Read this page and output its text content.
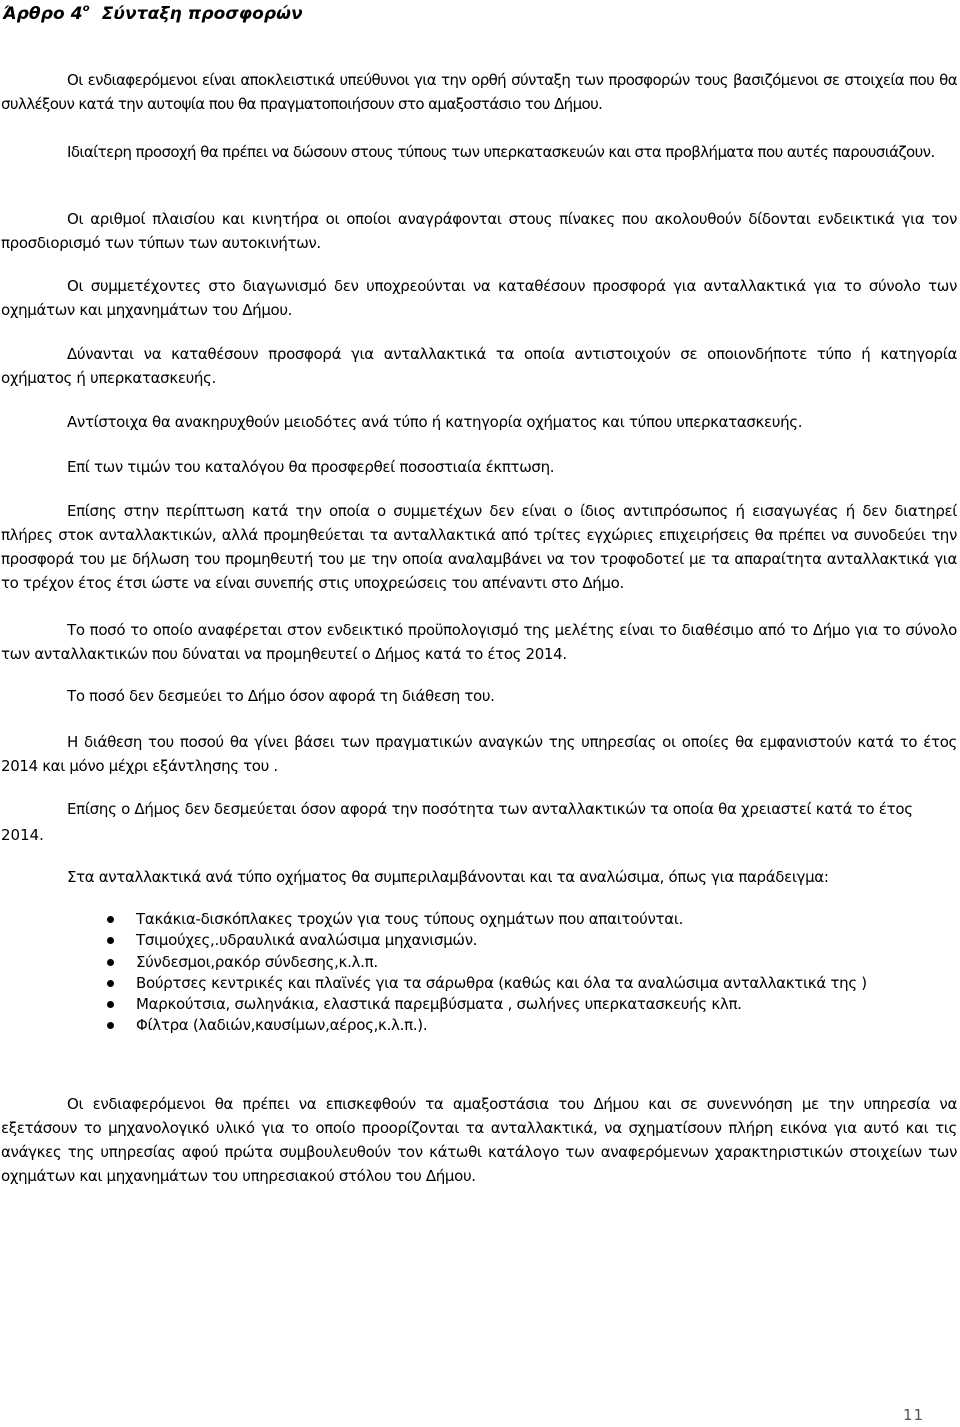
Άρθρο $4^o$  Σύνταξη προσφορών

Οι ενδιαφερόμενοι είναι αποκλειστικά υπεύθυνοι για την ορθή σύνταξη των προσφορών τους βασιζόμενοι σε στοιχεία που θα συλλέξουν κατά την αυτοψία που θα πραγματοποιήσουν στο αμαξοστάσιο του Δήμου.

Ιδιαίτερη προσοχή θα πρέπει να δώσουν στους τύπους των υπερκατασκευών και στα προβλήματα που αυτές παρουσιάζουν.

Οι αριθμοί πλαισίου και κινητήρα οι οποίοι αναγράφονται στους πίνακες που ακολουθούν δίδονται ενδεικτικά για τον προσδιορισμό των τύπων των αυτοκινήτων.

Οι συμμετέχοντες στο διαγωνισμό δεν υποχρεούνται να καταθέσουν προσφορά για ανταλλακτικά για το σύνολο των οχημάτων και μηχανημάτων του Δήμου.

Δύνανται να καταθέσουν προσφορά για ανταλλακτικά τα οποία αντιστοιχούν σε οποιονδήποτε τύπο ή κατηγορία οχήματος ή υπερκατασκευής.

Αντίστοιχα θα ανακηρυχθούν μειοδότες ανά τύπο ή κατηγορία οχήματος και τύπου υπερκατασκευής.

Επί των τιμών του καταλόγου θα προσφερθεί ποσοστιαία έκπτωση.

Επίσης στην περίπτωση κατά την οποία ο συμμετέχων δεν είναι ο ίδιος αντιπρόσωπος ή εισαγωγέας ή δεν διατηρεί πλήρες στοκ ανταλλακτικών, αλλά προμηθεύεται τα ανταλλακτικά από τρίτες εγχώριες επιχειρήσεις θα πρέπει να συνοδεύει την προσφορά του με δήλωση του προμηθευτή του με την οποία αναλαμβάνει να τον τροφοδοτεί με τα απαραίτητα ανταλλακτικά για το τρέχον έτος έτσι ώστε να είναι συνεπής στις υποχρεώσεις του απέναντι στο Δήμο.

Το ποσό το οποίο αναφέρεται στον ενδεικτικό προϋπολογισμό της μελέτης είναι το διαθέσιμο από το Δήμο για το σύνολο των ανταλλακτικών που δύναται να προμηθευτεί ο Δήμος κατά το έτος 2014.

Το ποσό δεν δεσμεύει το Δήμο όσον αφορά τη διάθεση του.

Η διάθεση του ποσού θα γίνει βάσει των πραγματικών αναγκών της υπηρεσίας οι οποίες θα εμφανιστούν κατά το έτος 2014 και μόνο μέχρι εξάντλησης του .

Επίσης ο Δήμος δεν δεσμεύεται όσον αφορά την ποσότητα των ανταλλακτικών τα οποία θα χρειαστεί κατά το έτος
2014.

Στα ανταλλακτικά ανά τύπο οχήματος θα συμπεριλαμβάνονται και τα αναλώσιμα, όπως για παράδειγμα:

Τακάκια-δισκόπλακες τροχών για τους τύπους οχημάτων που απαιτούνται.
Τσιμούχες,.υδραυλικά αναλώσιμα μηχανισμών.
Σύνδεσμοι,ρακόρ σύνδεσης,κ.λ.π.
Βούρτσες κεντρικές και πλαϊνές για τα σάρωθρα (καθώς και όλα τα αναλώσιμα ανταλλακτικά της )
Μαρκούτσια, σωληνάκια, ελαστικά παρεμβύσματα , σωλήνες υπερκατασκευής κλπ.
Φίλτρα (λαδιών,καυσίμων,αέρος,κ.λ.π.).

Οι ενδιαφερόμενοι θα πρέπει να επισκεφθούν τα αμαξοστάσια του Δήμου και σε συνεννόηση με την υπηρεσία να εξετάσουν το μηχανολογικό υλικό για το οποίο προορίζονται τα ανταλλακτικά, να σχηματίσουν πλήρη εικόνα για αυτό και τις ανάγκες της υπηρεσίας αφού πρώτα συμβουλευθούν τον κάτωθι κατάλογο των αναφερόμενων χαρακτηριστικών στοιχείων των οχημάτων και μηχανημάτων του υπηρεσιακού στόλου του Δήμου.

11
